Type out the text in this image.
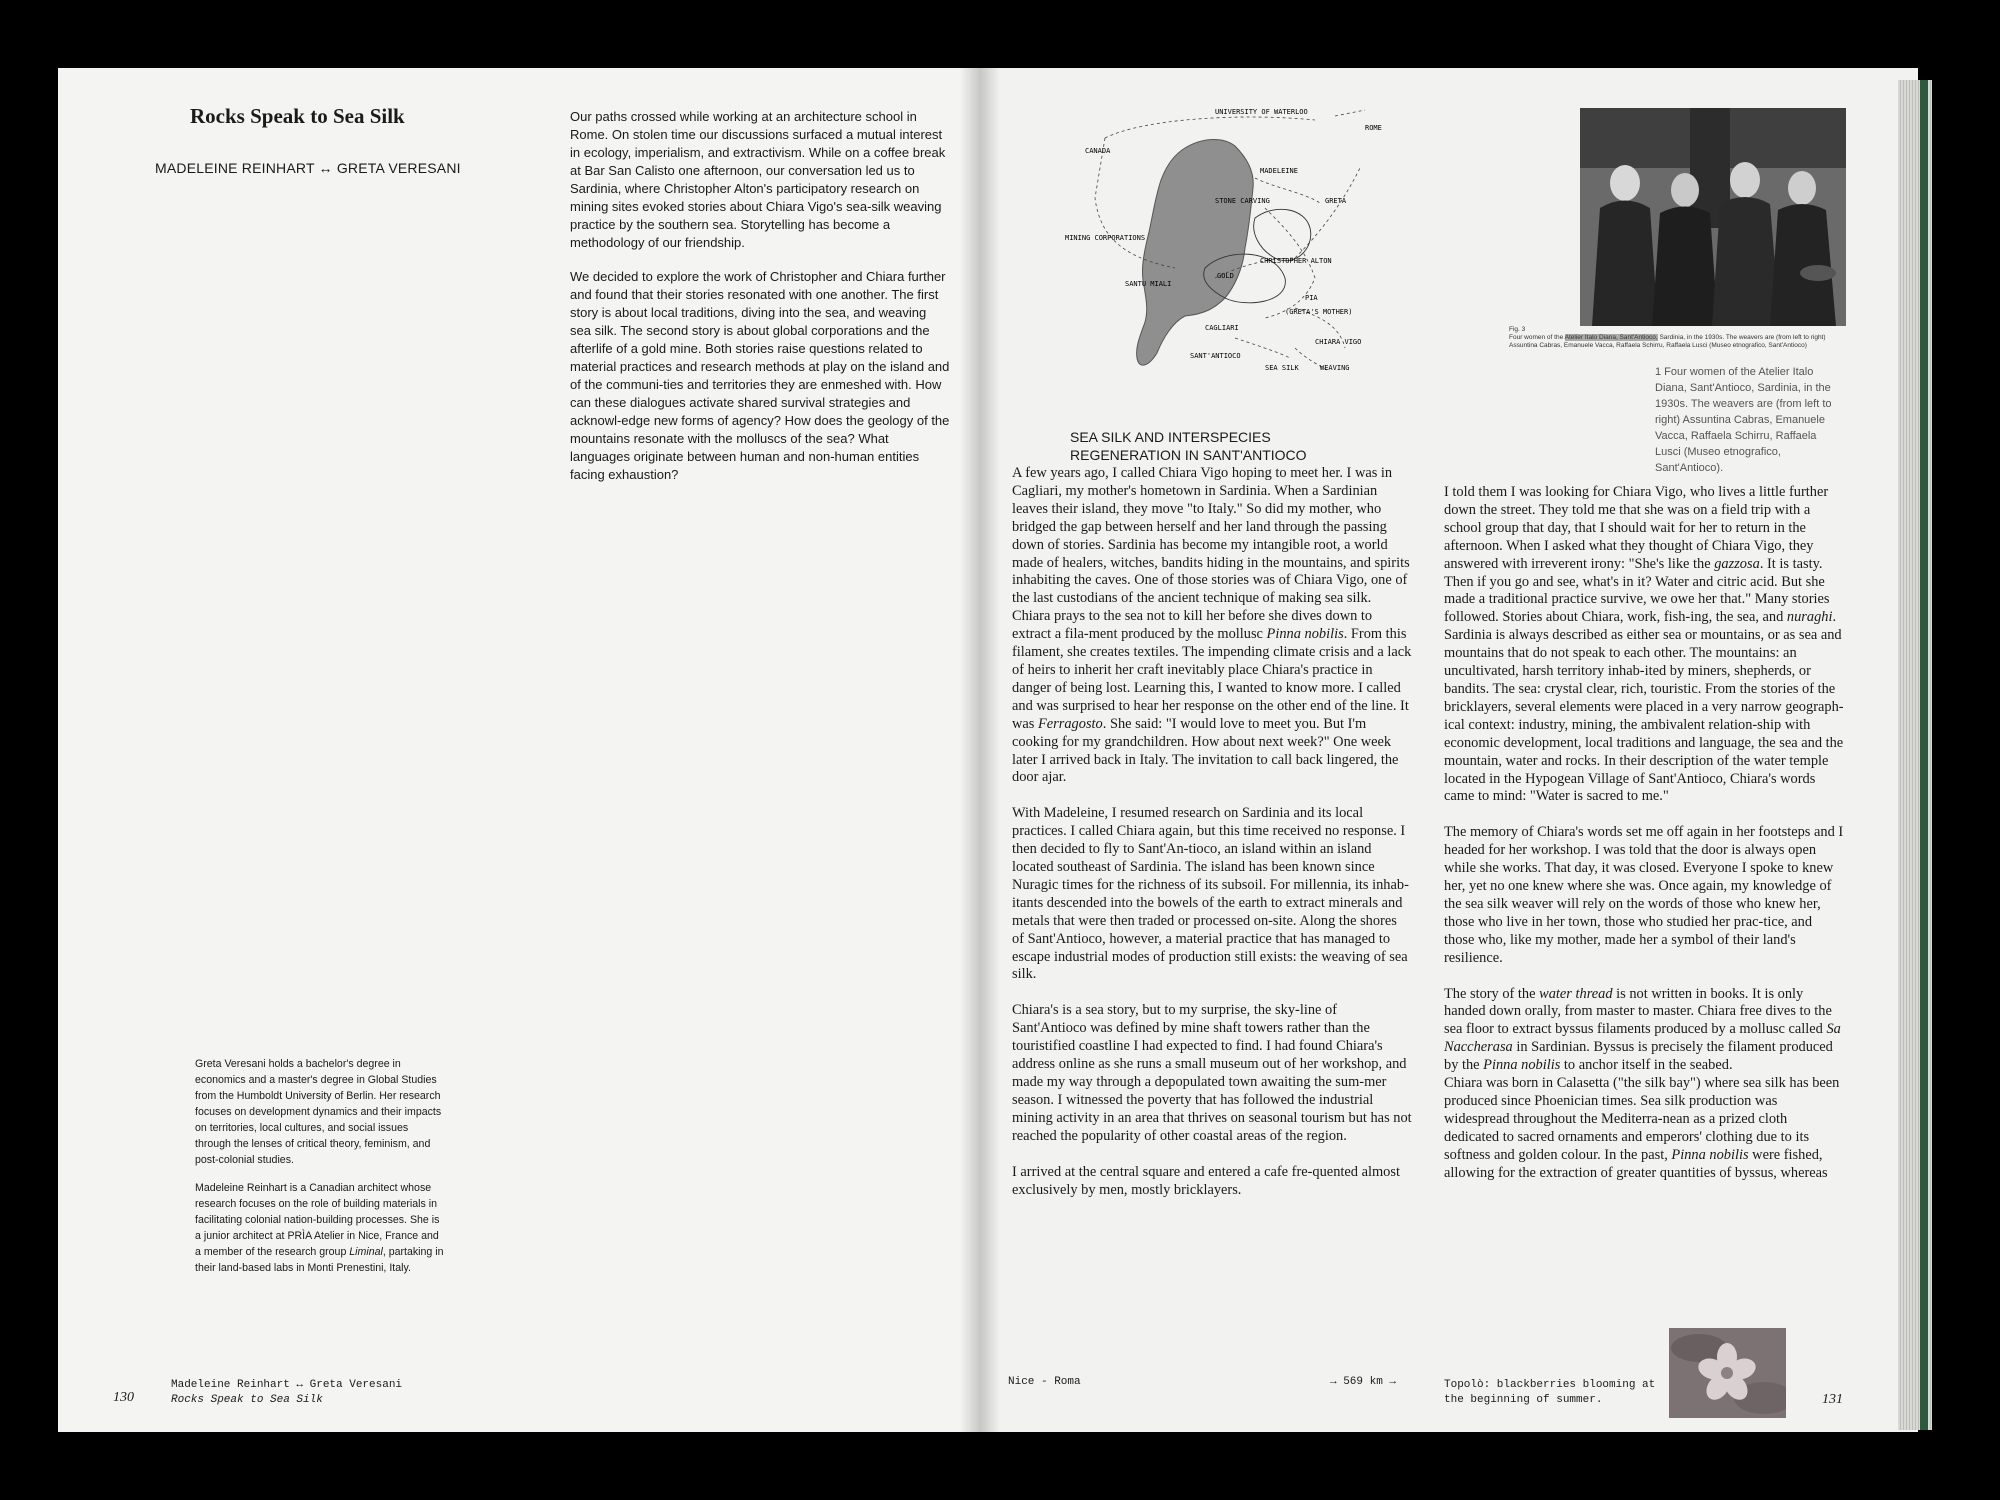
Rocks Speak to Sea Silk
MADELEINE REINHART ↔ GRETA VERESANI

Our paths crossed while working at an architecture school in Rome. On stolen time our discussions surfaced a mutual interest in ecology, imperialism, and extractivism. While on a coffee break at Bar San Calisto one afternoon, our conversation led us to Sardinia, where Christopher Alton's participatory research on mining sites evoked stories about Chiara Vigo's sea-silk weaving practice by the southern sea. Storytelling has become a methodology of our friendship.

We decided to explore the work of Christopher and Chiara further and found that their stories resonated with one another. The first story is about local traditions, diving into the sea, and weaving sea silk. The second story is about global corporations and the afterlife of a gold mine. Both stories raise questions related to material practices and research methods at play on the island and of the communi-ties and territories they are enmeshed with. How can these dialogues activate shared survival strategies and acknowl-edge new forms of agency? How does the geology of the mountains resonate with the molluscs of the sea? What languages originate between human and non-human entities facing exhaustion?

Greta Veresani holds a bachelor's degree in economics and a master's degree in Global Studies from the Humboldt University of Berlin. Her research focuses on development dynamics and their impacts on territories, local cultures, and social issues through the lenses of critical theory, feminism, and post-colonial studies.

Madeleine Reinhart is a Canadian architect whose research focuses on the role of building materials in facilitating colonial nation-building processes. She is a junior architect at PRÌA Atelier in Nice, France and a member of the research group Liminal, partaking in their land-based labs in Monti Prenestini, Italy.

130
Madeleine Reinhart ↔ Greta Veresani
Rocks Speak to Sea Silk
UNIVERSITY OF WATERLOO
ROME
CANADA
MADELEINE
STONE CARVING	GRETA
MINING CORPORATIONS
CHRISTOPHER ALTON
SANTU MIALI
GOLD
PIA
(GRETA'S MOTHER)
CAGLIARI
CHIARA VIGO
SANT'ANTIOCO
SEA SILK	WEAVING
Fig. 3
Four women of the Atelier Italo Diana, Sant'Antioco, Sardinia, in the 1930s. The weavers are (from left to right) Assuntina Cabras, Emanuele Vacca, Raffaela Schirru, Raffaela Lusci (Museo etnografico, Sant'Antioco)
1 Four women of the Atelier Italo Diana, Sant'Antioco, Sardinia, in the 1930s. The weavers are (from left to right) Assuntina Cabras, Emanuele Vacca, Raffaela Schirru, Raffaela Lusci (Museo etnografico, Sant'Antioco).
SEA SILK AND INTERSPECIES
REGENERATION IN SANT'ANTIOCO

A few years ago, I called Chiara Vigo hoping to meet her. I was in Cagliari, my mother's hometown in Sardinia. When a Sardinian leaves their island, they move "to Italy." So did my mother, who bridged the gap between herself and her land through the passing down of stories. Sardinia has become my intangible root, a world made of healers, witches, bandits hiding in the mountains, and spirits inhabiting the caves. One of those stories was of Chiara Vigo, one of the last custodians of the ancient technique of making sea silk. Chiara prays to the sea not to kill her before she dives down to extract a fila-ment produced by the mollusc Pinna nobilis. From this filament, she creates textiles. The impending climate crisis and a lack of heirs to inherit her craft inevitably place Chiara's practice in danger of being lost. Learning this, I wanted to know more. I called and was surprised to hear her response on the other end of the line. It was Ferragosto. She said: "I would love to meet you. But I'm cooking for my grandchildren. How about next week?" One week later I arrived back in Italy. The invitation to call back lingered, the door ajar.

With Madeleine, I resumed research on Sardinia and its local practices. I called Chiara again, but this time received no response. I then decided to fly to Sant'An-tioco, an island within an island located southeast of Sardinia. The island has been known since Nuragic times for the richness of its subsoil. For millennia, its inhab-itants descended into the bowels of the earth to extract minerals and metals that were then traded or processed on-site. Along the shores of Sant'Antioco, however, a material practice that has managed to escape industrial modes of production still exists: the weaving of sea silk.

Chiara's is a sea story, but to my surprise, the sky-line of Sant'Antioco was defined by mine shaft towers rather than the touristified coastline I had expected to find. I had found Chiara's address online as she runs a small museum out of her workshop, and made my way through a depopulated town awaiting the sum-mer season. I witnessed the poverty that has followed the industrial mining activity in an area that thrives on seasonal tourism but has not reached the popularity of other coastal areas of the region.

I arrived at the central square and entered a cafe fre-quented almost exclusively by men, mostly bricklayers.

I told them I was looking for Chiara Vigo, who lives a little further down the street. They told me that she was on a field trip with a school group that day, that I should wait for her to return in the afternoon. When I asked what they thought of Chiara Vigo, they answered with irreverent irony: "She's like the gazzosa. It is tasty. Then if you go and see, what's in it? Water and citric acid. But she made a traditional practice survive, we owe her that." Many stories followed. Stories about Chiara, work, fish-ing, the sea, and nuraghi.
Sardinia is always described as either sea or mountains, or as sea and mountains that do not speak to each other. The mountains: an uncultivated, harsh territory inhab-ited by miners, shepherds, or bandits. The sea: crystal clear, rich, touristic. From the stories of the bricklayers, several elements were placed in a very narrow geograph-ical context: industry, mining, the ambivalent relation-ship with economic development, local traditions and language, the sea and the mountain, water and rocks. In their description of the water temple located in the Hypogean Village of Sant'Antioco, Chiara's words came to mind: "Water is sacred to me."

The memory of Chiara's words set me off again in her footsteps and I headed for her workshop. I was told that the door is always open while she works. That day, it was closed. Everyone I spoke to knew her, yet no one knew where she was. Once again, my knowledge of the sea silk weaver will rely on the words of those who knew her, those who live in her town, those who studied her prac-tice, and those who, like my mother, made her a symbol of their land's resilience.

The story of the water thread is not written in books. It is only handed down orally, from master to master. Chiara free dives to the sea floor to extract byssus filaments produced by a mollusc called Sa Naccherasa in Sardinian. Byssus is precisely the filament produced by the Pinna nobilis to anchor itself in the seabed.
Chiara was born in Calasetta ("the silk bay") where sea silk has been produced since Phoenician times. Sea silk production was widespread throughout the Mediterra-nean as a prized cloth dedicated to sacred ornaments and emperors' clothing due to its softness and golden colour. In the past, Pinna nobilis were fished, allowing for the extraction of greater quantities of byssus, whereas

Nice - Roma	→ 569 km →	Topolò: blackberries blooming at the beginning of summer.	131
